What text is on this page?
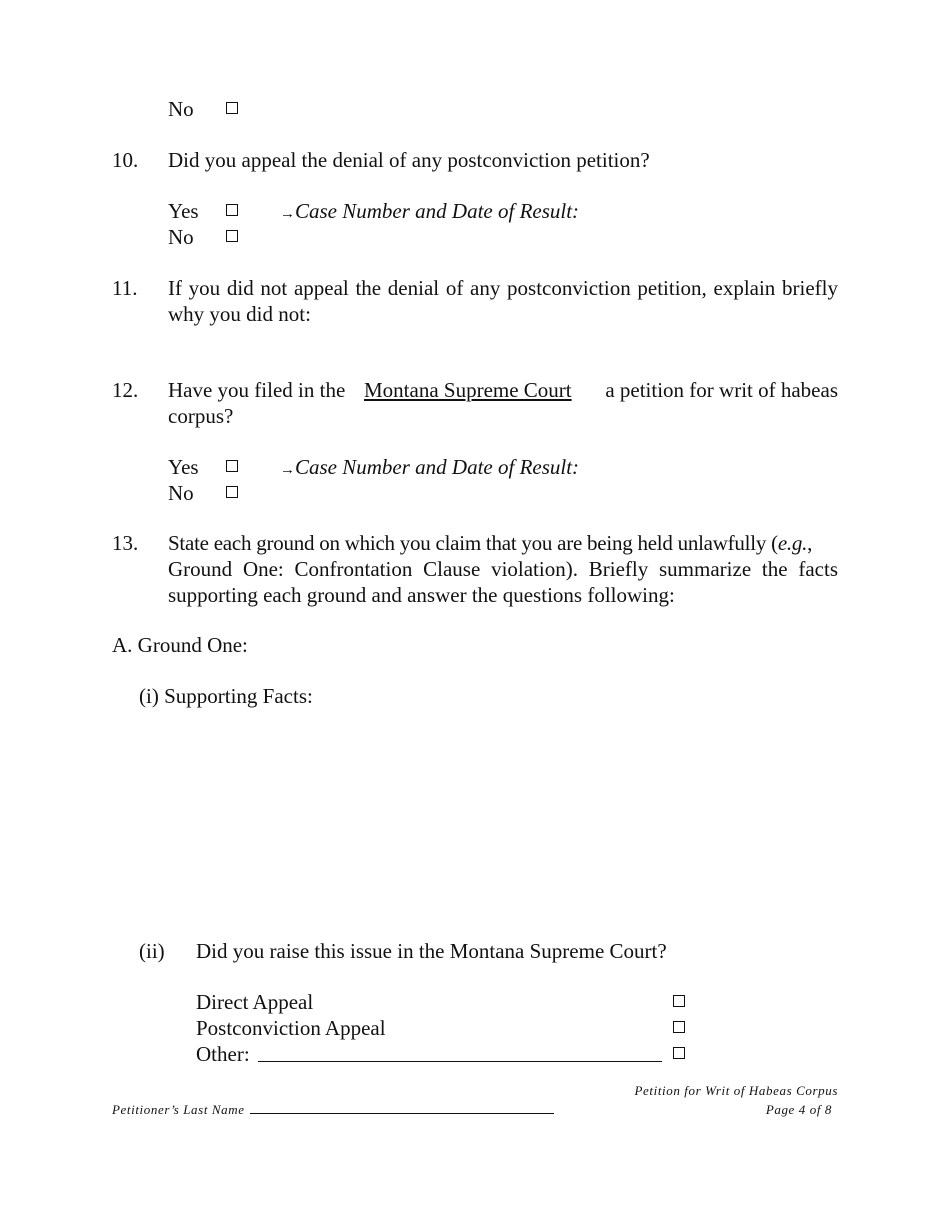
No
10. Did you appeal the denial of any postconviction petition?
Yes	→Case Number and Date of Result:
No
11. If you did not appeal the denial of any postconviction petition, explain briefly
why you did not:
12. Have you filed in the Montana Supreme Court	a petition for writ of habeas
corpus?
Yes	→Case Number and Date of Result:
No
13. State each ground on which you claim that you are being held unlawfully (e.g.,
Ground One: Confrontation Clause violation). Briefly summarize the facts
supporting each ground and answer the questions following:
A. Ground One:
(i) Supporting Facts:
(ii) Did you raise this issue in the Montana Supreme Court?
Direct Appeal
Postconviction Appeal
Other:
Petition for Writ of Habeas Corpus
Petitioner’s Last Name	Page 4 of 8
